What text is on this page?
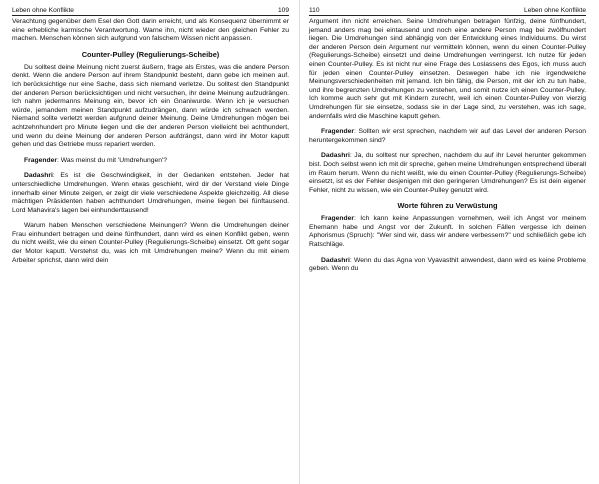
Leben ohne Konflikte	109

Verachtung gegenüber dem Esel den Gott darin erreicht, und als Konsequenz übernimmt er eine erhebliche karmische Verantwortung. Warne ihn, nicht wieder den gleichen Fehler zu machen. Menschen können sich aufgrund von falschem Wissen nicht anpassen.

Counter-Pulley (Regulierungs-Scheibe)

Du solltest deine Meinung nicht zuerst äußern, frage als Erstes, was die andere Person denkt. Wenn die andere Person auf ihrem Standpunkt besteht, dann gebe ich meinen auf. Ich berücksichtige nur eine Sache, dass sich niemand verletze. Du solltest den Standpunkt der anderen Person berücksichtigen und nicht versuchen, ihr deine Meinung aufzudrängen. Ich nahm jedermanns Meinung ein, bevor ich ein Gnaniwurde. Wenn ich je versuchen würde, jemandem meinen Standpunkt aufzudrängen, dann würde ich schwach werden. Niemand sollte verletzt werden aufgrund deiner Meinung. Deine Umdrehungen mögen bei achtzehnhundert pro Minute liegen und die der anderen Person vielleicht bei achthundert, und wenn du deine Meinung der anderen Person aufdrängst, dann wird ihr Motor kaputt gehen und das Getriebe muss repariert werden.

Fragender: Was meinst du mit 'Umdrehungen'?

Dadashri: Es ist die Geschwindigkeit, in der Gedanken entstehen. Jeder hat unterschiedliche Umdrehungen. Wenn etwas geschieht, wird dir der Verstand viele Dinge innerhalb einer Minute zeigen, er zeigt dir viele verschiedene Aspekte gleichzeitig. All diese mächtigen Präsidenten haben achthundert Umdrehungen, meine liegen bei fünftausend. Lord Mahavira's lagen bei einhunderttausend!

Warum haben Menschen verschiedene Meinungen? Wenn die Umdrehungen deiner Frau einhundert betragen und deine fünfhundert, dann wird es einen Konflikt geben, wenn du nicht weißt, wie du einen Counter-Pulley (Regulierungs-Scheibe) einsetzt. Oft geht sogar der Motor kaputt. Verstehst du, was ich mit Umdrehungen meine? Wenn du mit einem Arbeiter sprichst, dann wird dein

110	Leben ohne Konflikte

Argument ihn nicht erreichen. Seine Umdrehungen betragen fünfzig, deine fünfhundert, jemand anders mag bei eintausend und noch eine andere Person mag bei zwölfhundert liegen. Die Umdrehungen sind abhängig von der Entwicklung eines Individuums. Du wirst der anderen Person dein Argument nur vermitteln können, wenn du einen Counter-Pulley (Regulierungs-Scheibe) einsetzt und deine Umdrehungen verringerst. Ich nutze für jeden einen Counter-Pulley. Es ist nicht nur eine Frage des Loslassens des Egos, ich muss auch für jeden einen Counter-Pulley einsetzen. Deswegen habe ich nie irgendwelche Meinungsverschiedenheiten mit jemand. Ich bin fähig, die Person, mit der ich zu tun habe, und ihre begrenzten Umdrehungen zu verstehen, und somit nutze ich einen Counter-Pulley. Ich komme auch sehr gut mit Kindern zurecht, weil ich einen Counter-Pulley von vierzig Umdrehungen für sie einsetze, sodass sie in der Lage sind, zu verstehen, was ich sage, andernfalls wird die Maschine kaputt gehen.

Fragender: Sollten wir erst sprechen, nachdem wir auf das Level der anderen Person heruntergekommen sind?

Dadashri: Ja, du solltest nur sprechen, nachdem du auf ihr Level herunter gekommen bist. Doch selbst wenn ich mit dir spreche, gehen meine Umdrehungen entsprechend überall im Raum herum. Wenn du nicht weißt, wie du einen Counter-Pulley (Regulierungs-Scheibe) einsetzt, ist es der Fehler desjenigen mit den geringeren Umdrehungen? Es ist dein eigener Fehler, nicht zu wissen, wie ein Counter-Pulley genutzt wird.

Worte führen zu Verwüstung

Fragender: Ich kann keine Anpassungen vornehmen, weil ich Angst vor meinem Ehemann habe und Angst vor der Zukunft. In solchen Fällen vergesse ich deinen Aphorismus (Spruch): "Wer sind wir, dass wir andere verbessern?" und schließlich gebe ich Ratschläge.

Dadashri: Wenn du das Agna von Vyavasthit anwendest, dann wird es keine Probleme geben. Wenn du
